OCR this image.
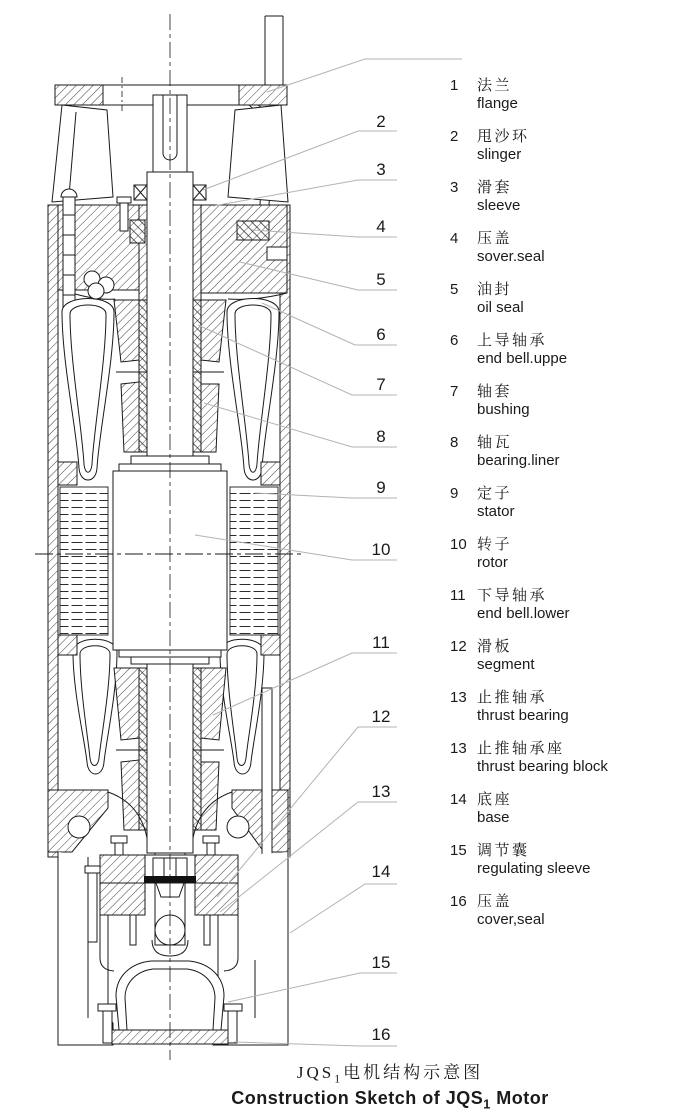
2
3
4
5
6
7
8
9
10
11
12
13
14
15
16
1	法兰
flange
2	甩沙环
slinger
3	滑套
sleeve
4	压盖
sover.seal
5	油封
oil seal
6	上导轴承
end bell.uppe
7	轴套
bushing
8	轴瓦
bearing.liner
9	定子
stator
10 转子
rotor
11 下导轴承
end bell.lower
12 滑板
segment
13 止推轴承
thrust bearing
13 止推轴承座
thrust bearing block
14 底座
base
15 调节囊
regulating sleeve
16 压盖
cover,seal
$JQS_1$电机结构示意图
Construction Sketch of $JQS_1$ Motor
